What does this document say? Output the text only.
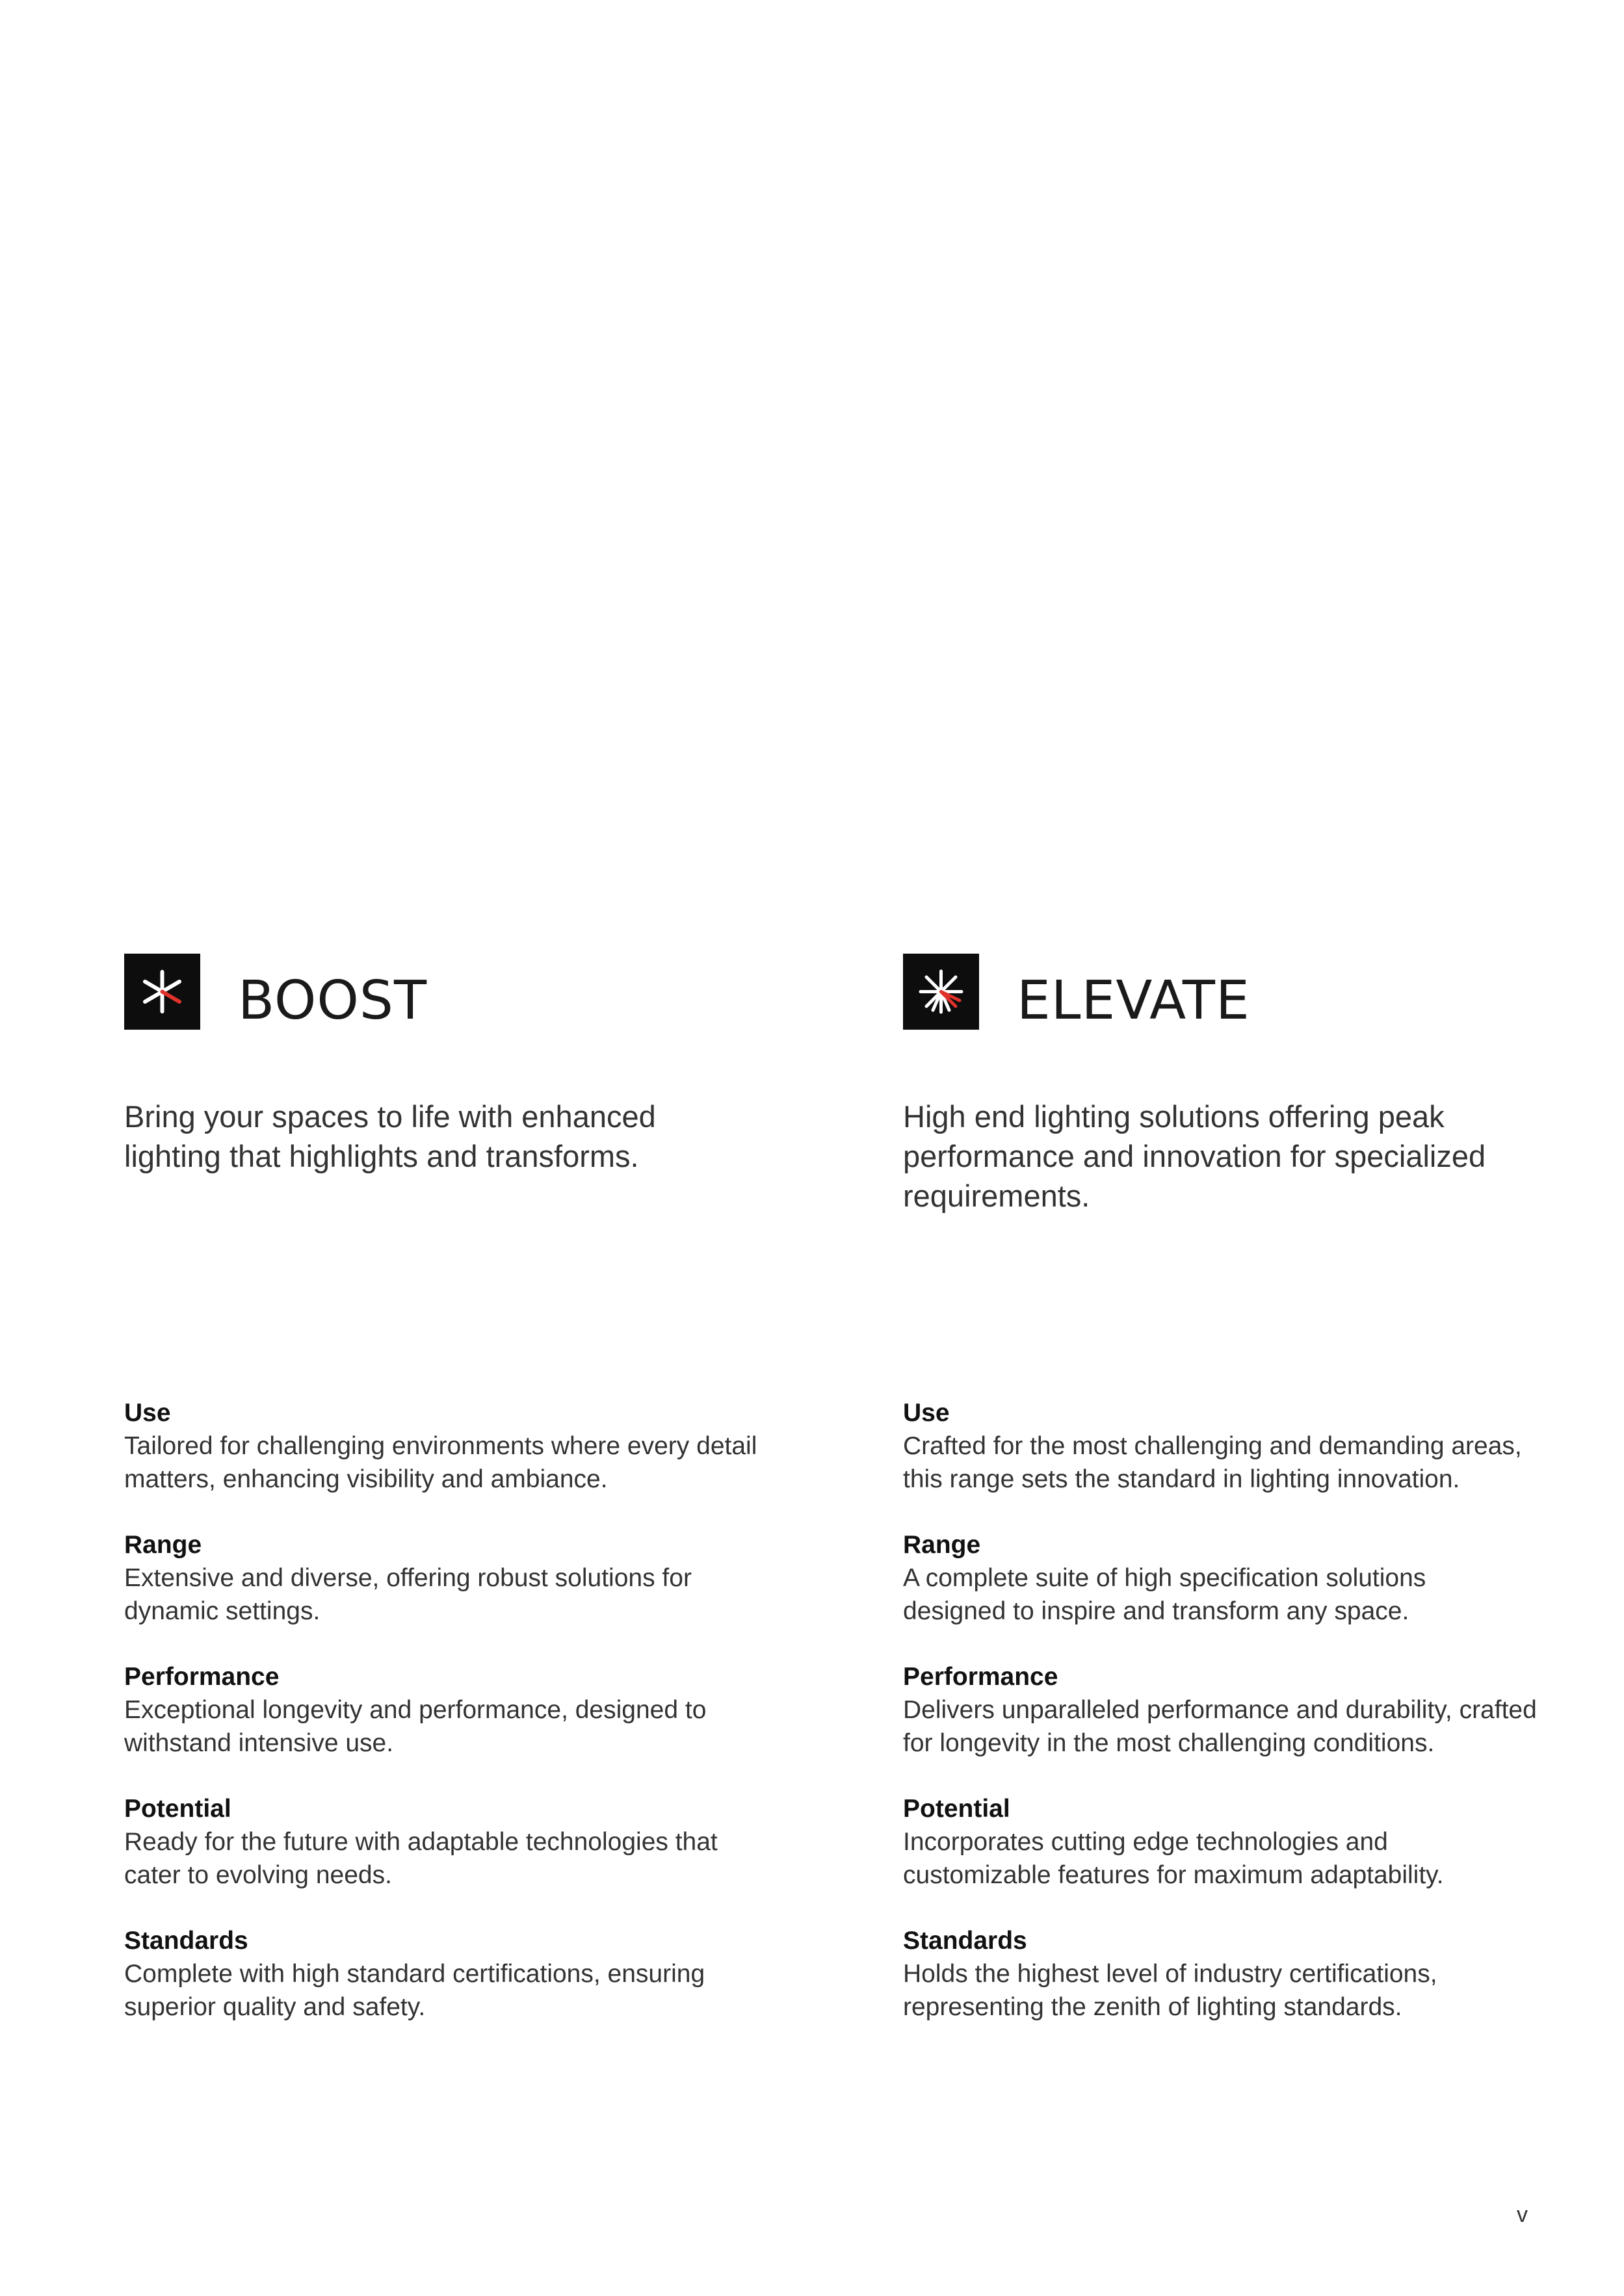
BOOST
Bring your spaces to life with enhanced
lighting that highlights and transforms.
Use
Tailored for challenging environments where every detail
matters, enhancing visibility and ambiance.
Range
Extensive and diverse, offering robust solutions for
dynamic settings.
Performance
Exceptional longevity and performance, designed to
withstand intensive use.
Potential
Ready for the future with adaptable technologies that
cater to evolving needs.
Standards
Complete with high standard certifications, ensuring
superior quality and safety.
ELEVATE
High end lighting solutions offering peak
performance and innovation for specialized
requirements.
Use
Crafted for the most challenging and demanding areas,
this range sets the standard in lighting innovation.
Range
A complete suite of high specification solutions
designed to inspire and transform any space.
Performance
Delivers unparalleled performance and durability, crafted
for longevity in the most challenging conditions.
Potential
Incorporates cutting edge technologies and
customizable features for maximum adaptability.
Standards
Holds the highest level of industry certifications,
representing the zenith of lighting standards.
v
